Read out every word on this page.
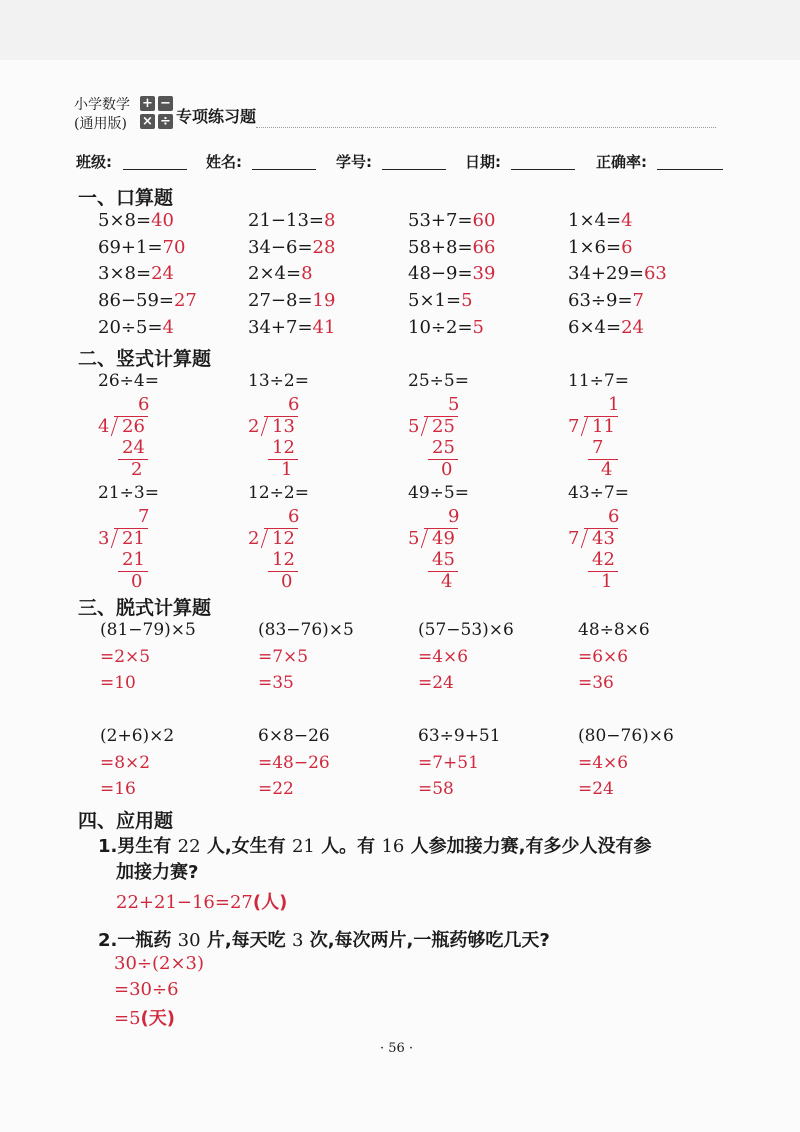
小学数学
(通用版)
+ −
× ÷ 专项练习题
班级:	姓名:	学号:	日期:	正确率:
一、口算题
5×8=40	21−13=8	53+7=60	1×4=4
69+1=70	34−6=28	58+8=66	1×6=6
3×8=24	2×4=8	48−9=39	34+29=63
86−59=27	27−8=19	5×1=5	63÷9=7
20÷5=4	34+7=41	10÷2=5	6×4=24
二、竖式计算题
26÷4=
6
4 26
24
2
13÷2=
6
2 13
12
1
25÷5=
5
5 25
25
0
11÷7=
1
7 11
7
4
21÷3=
7
3 21
21
0
12÷2=
6
2 12
12
0
49÷5=
9
5 49
45
4
43÷7=
6
7 43
42
1
三、脱式计算题
(81−79)×5
=2×5
=10
(83−76)×5
=7×5
=35
(57−53)×6
=4×6
=24
48÷8×6
=6×6
=36
(2+6)×2
=8×2
=16
6×8−26
=48−26
=22
63÷9+51
=7+51
=58
(80−76)×6
=4×6
=24
四、应用题
1.男生有 22 人,女生有 21 人。有 16 人参加接力赛,有多少人没有参
加接力赛?
22+21−16=27(人)
2.一瓶药 30 片,每天吃 3 次,每次两片,一瓶药够吃几天?
30÷(2×3)
=30÷6
=5(天)
· 56 ·
